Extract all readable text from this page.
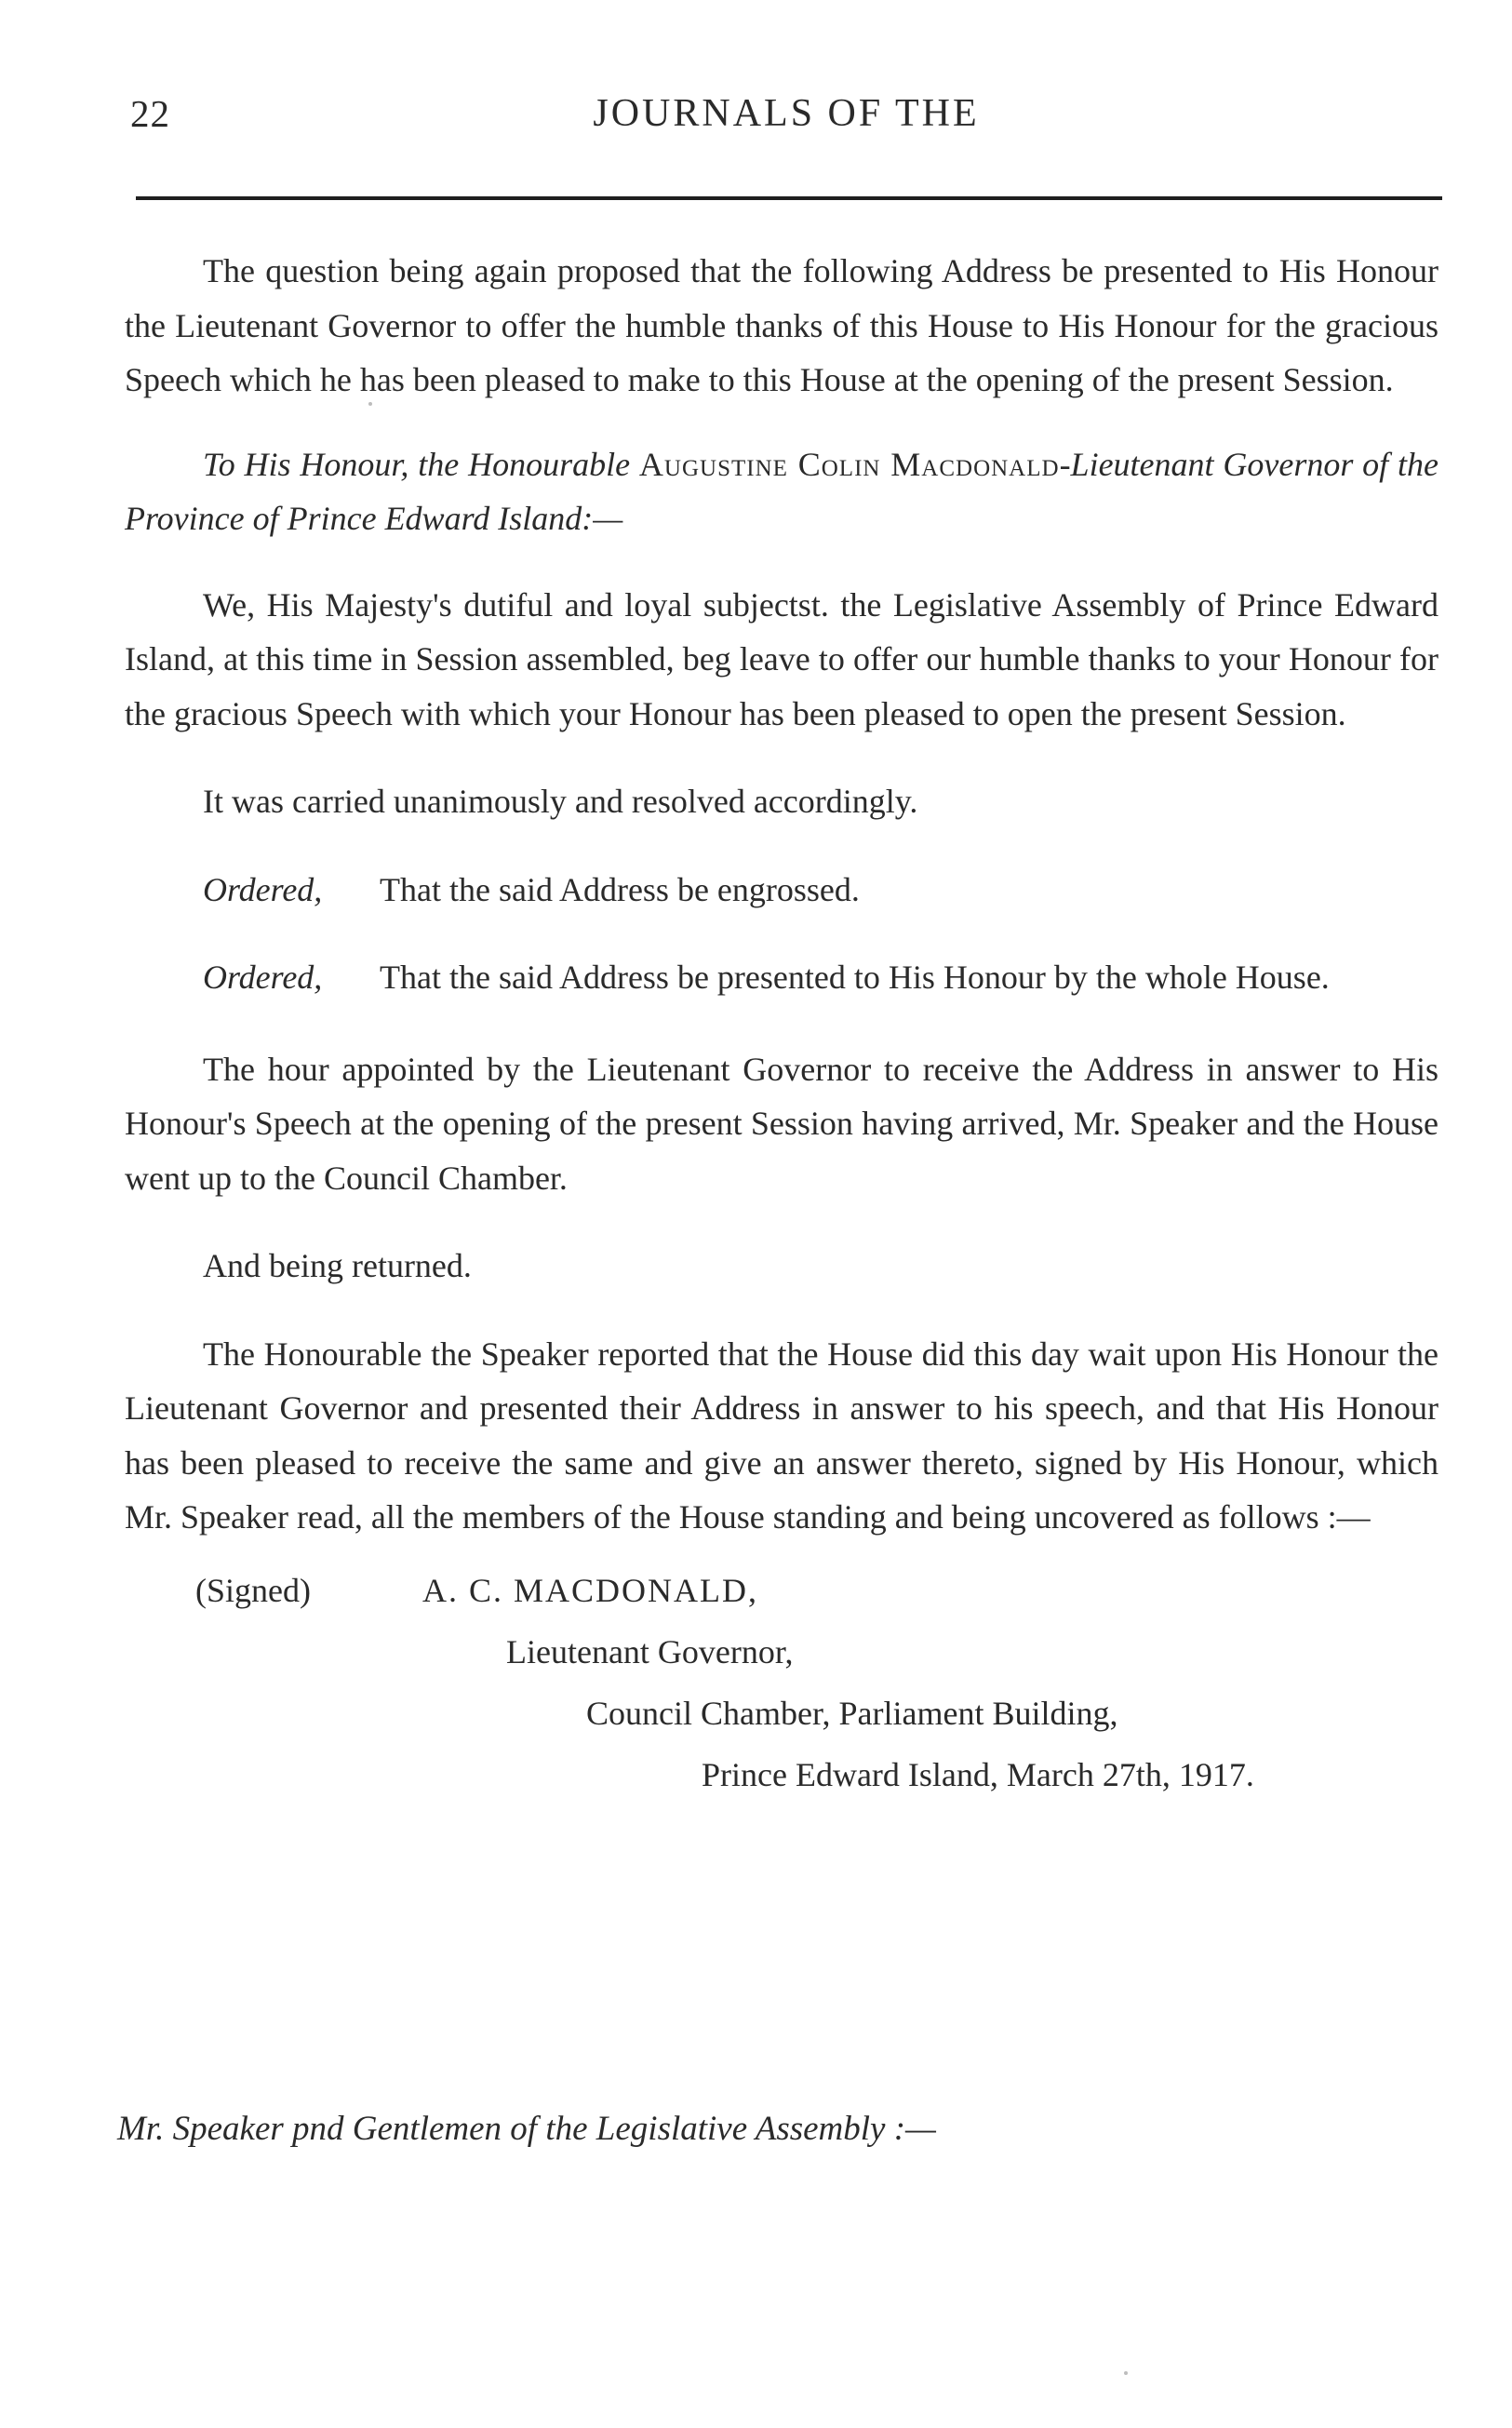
22	JOURNALS OF THE

The question being again proposed that the following Address be presented to His Honour the Lieutenant Governor to offer the humble thanks of this House to His Honour for the gracious Speech which he has been pleased to make to this House at the opening of the present Session.

To His Honour, the Honourable Augustine Colin Macdonald-Lieutenant Governor of the Province of Prince Edward Island:—

We, His Majesty's dutiful and loyal subjectst. the Legislative Assembly of Prince Edward Island, at this time in Session assembled, beg leave to offer our humble thanks to your Honour for the gracious Speech with which your Honour has been pleased to open the present Session.

It was carried unanimously and resolved accordingly.

Ordered, That the said Address be engrossed.

Ordered, That the said Address be presented to His Honour by the whole House.

The hour appointed by the Lieutenant Governor to receive the Address in answer to His Honour's Speech at the opening of the present Session having arrived, Mr. Speaker and the House went up to the Council Chamber.

And being returned.

The Honourable the Speaker reported that the House did this day wait upon His Honour the Lieutenant Governor and presented their Address in answer to his speech, and that His Honour has been pleased to receive the same and give an answer thereto, signed by His Honour, which Mr. Speaker read, all the members of the House standing and being uncovered as follows :—

(Signed)	A. C. MACDONALD,
Lieutenant Governor,
Council Chamber, Parliament Building,
Prince Edward Island, March 27th, 1917.
Mr. Speaker pnd Gentlemen of the Legislative Assembly :—
